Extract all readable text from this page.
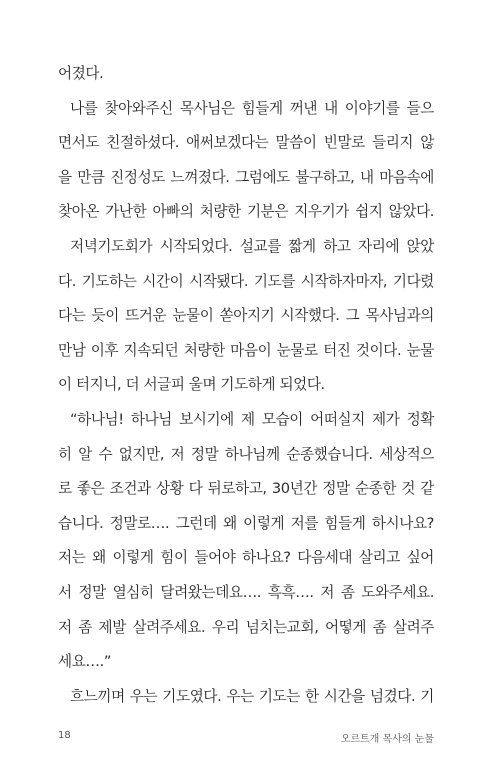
어졌다.
나를 찾아와주신 목사님은 힘들게 꺼낸 내 이야기를 들으
면서도 친절하셨다. 애써보겠다는 말씀이 빈말로 들리지 않
을 만큼 진정성도 느껴졌다. 그럼에도 불구하고, 내 마음속에
찾아온 가난한 아빠의 처량한 기분은 지우기가 쉽지 않았다.
저녁기도회가 시작되었다. 설교를 짧게 하고 자리에 앉았
다. 기도하는 시간이 시작됐다. 기도를 시작하자마자, 기다렸
다는 듯이 뜨거운 눈물이 쏟아지기 시작했다. 그 목사님과의
만남 이후 지속되던 처량한 마음이 눈물로 터진 것이다. 눈물
이 터지니, 더 서글피 울며 기도하게 되었다.
“하나님! 하나님 보시기에 제 모습이 어떠실지 제가 정확
히 알 수 없지만, 저 정말 하나님께 순종했습니다. 세상적으
로 좋은 조건과 상황 다 뒤로하고, 30년간 정말 순종한 것 같
습니다. 정말로…. 그런데 왜 이렇게 저를 힘들게 하시나요?
저는 왜 이렇게 힘이 들어야 하나요? 다음세대 살리고 싶어
서 정말 열심히 달려왔는데요…. 흑흑…. 저 좀 도와주세요.
저 좀 제발 살려주세요. 우리 넘치는교회, 어떻게 좀 살려주
세요….”
흐느끼며 우는 기도였다. 우는 기도는 한 시간을 넘겼다. 기
18	오르트개 목사의 눈물
